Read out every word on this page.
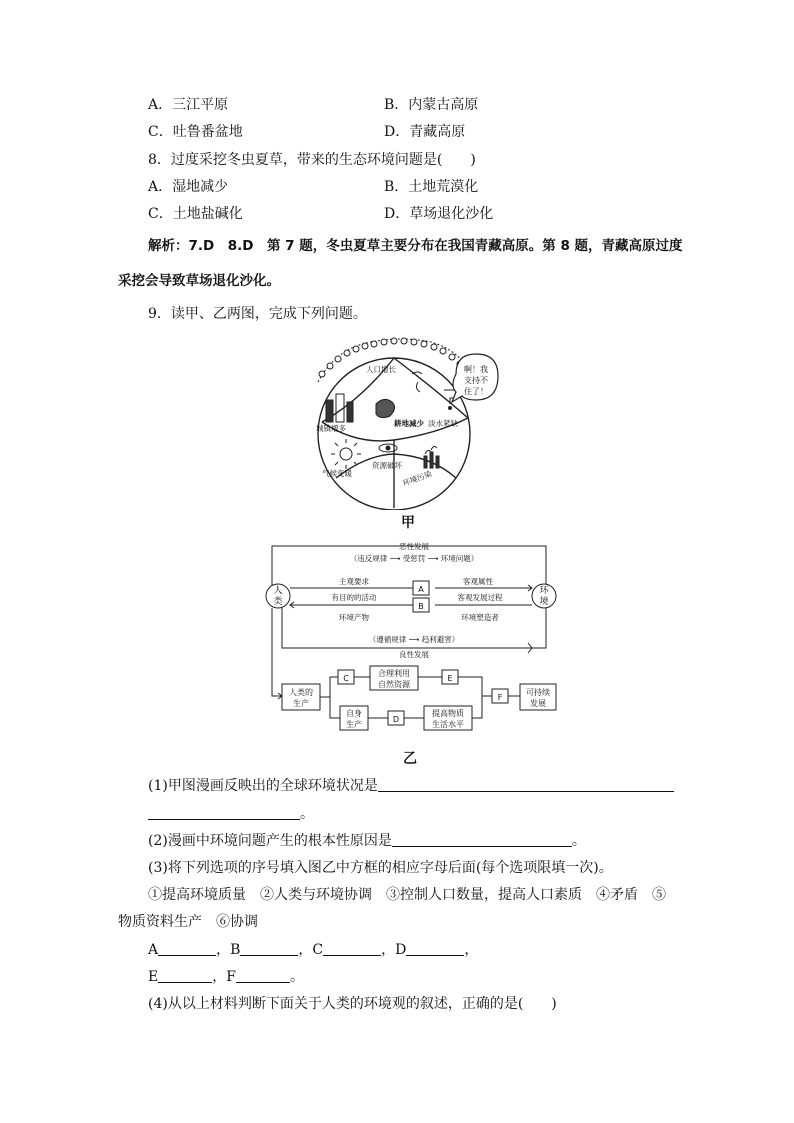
A．三江平原	B．内蒙古高原
C．吐鲁番盆地	D．青藏高原
8．过度采挖冬虫夏草，带来的生态环境问题是(　　)
A．湿地减少	B．土地荒漠化
C．土地盐碱化	D．草场退化沙化
解析：7.D　8.D　第 7 题，冬虫夏草主要分布在我国青藏高原。第 8 题，青藏高原过度
采挖会导致草场退化沙化。
9．读甲、乙两图，完成下列问题。
人口增长
城镇增多
耕地减少 淡水紧缺
气候变暖
资源破坏
环境污染
啊！我
支持不
住了！
甲
人
类
环
境
恶性发展
（违反规律 ⟶ 受惩罚 ⟶ 环境问题）
主观要求	客观属性
有目的的活动	客观发展过程
环境产物	环境塑造者
（遵循规律 ⟶ 趋利避害）
良性发展
A
B
C
D
E
F
人类的
生产
合理利用
自然资源
自身
生产
提高物质
生活水平
可持续
发展
乙
(1)甲图漫画反映出的全球环境状况是
。
(2)漫画中环境问题产生的根本性原因是	。
(3)将下列选项的序号填入图乙中方框的相应字母后面(每个选项限填一次)。
①提高环境质量　②人类与环境协调　③控制人口数量，提高人口素质　④矛盾　⑤
物质资料生产　⑥协调
A	，B	，C	，D	，
E	，F	。
(4)从以上材料判断下面关于人类的环境观的叙述，正确的是(　　)
